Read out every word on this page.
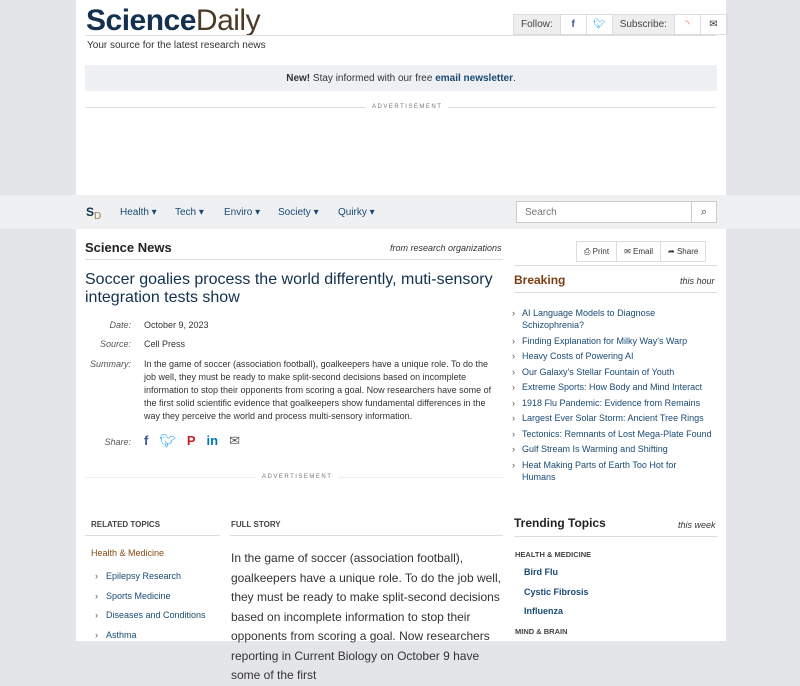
ScienceDaily
Your source for the latest research news
Follow:	f	🐦︎	Subscribe:	◝	✉
New! Stay informed with our free email newsletter .
ADVERTISEMENT
$S_D$ Health ▾ Tech ▾ Enviro ▾ Society ▾ Quirky ▾
Search	⌕
Science News	from research organizations	⎙ Print	✉ Email	➦ Share
Soccer goalies process the world differently, muti-sensory integration tests show
Date: October 9, 2023
Source: Cell Press
Summary: In the game of soccer (association football), goalkeepers have a unique role. To do the job well, they must be ready to make split-second decisions based on incomplete information to stop their opponents from scoring a goal. Now researchers have some of the first solid scientific evidence that goalkeepers show fundamental differences in the way they perceive the world and process multi-sensory information.
Share: f 🐦︎ P in ✉
ADVERTISEMENT
RELATED TOPICS
Health & Medicine
› Epilepsy Research
› Sports Medicine
› Diseases and Conditions
› Asthma
FULL STORY
In the game of soccer (association football), goalkeepers have a unique role. To do the job well, they must be ready to make split-second decisions based on incomplete information to stop their opponents from scoring a goal. Now researchers reporting in Current Biology on October 9 have some of the first
Breaking	this hour
› AI Language Models to Diagnose Schizophrenia?
› Finding Explanation for Milky Way's Warp
› Heavy Costs of Powering AI
› Our Galaxy's Stellar Fountain of Youth
› Extreme Sports: How Body and Mind Interact
› 1918 Flu Pandemic: Evidence from Remains
› Largest Ever Solar Storm: Ancient Tree Rings
› Tectonics: Remnants of Lost Mega-Plate Found
› Gulf Stream Is Warming and Shifting
› Heat Making Parts of Earth Too Hot for Humans
Trending Topics	this week
HEALTH & MEDICINE
Bird Flu
Cystic Fibrosis
Influenza
MIND & BRAIN
